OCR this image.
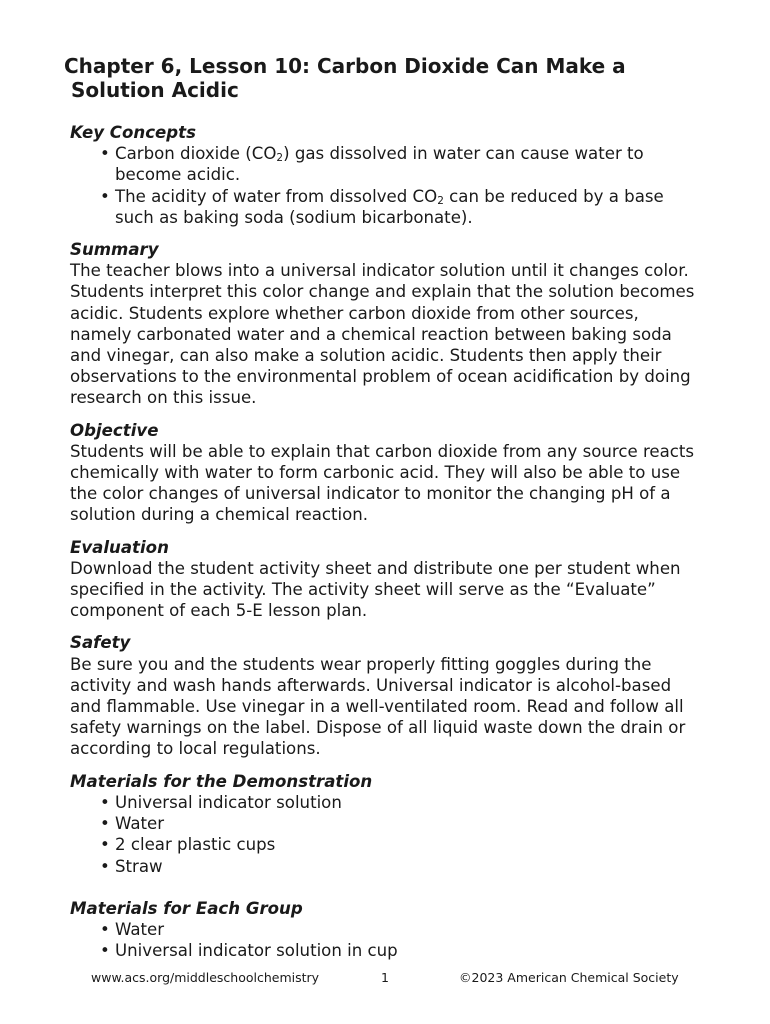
Chapter 6, Lesson 10: Carbon Dioxide Can Make a
Solution Acidic
Key Concepts
• Carbon dioxide $(CO_2)$ gas dissolved in water can cause water to become acidic.
• The acidity of water from dissolved $CO_2$ can be reduced by a base such as baking soda (sodium bicarbonate).
Summary

The teacher blows into a universal indicator solution until it changes color. Students interpret this color change and explain that the solution becomes acidic. Students explore whether carbon dioxide from other sources, namely carbonated water and a chemical reaction between baking soda and vinegar, can also make a solution acidic. Students then apply their observations to the environmental problem of ocean acidification by doing research on this issue.

Objective

Students will be able to explain that carbon dioxide from any source reacts chemically with water to form carbonic acid. They will also be able to use the color changes of universal indicator to monitor the changing pH of a solution during a chemical reaction.

Evaluation

Download the student activity sheet and distribute one per student when specified in the activity. The activity sheet will serve as the “Evaluate” component of each 5-E lesson plan.

Safety

Be sure you and the students wear properly fitting goggles during the activity and wash hands afterwards. Universal indicator is alcohol-based and flammable. Use vinegar in a well-ventilated room. Read and follow all safety warnings on the label. Dispose of all liquid waste down the drain or according to local regulations.

Materials for the Demonstration
• Universal indicator solution
• Water
• 2 clear plastic cups
• Straw
Materials for Each Group
• Water
• Universal indicator solution in cup
www.acs.org/middleschoolchemistry	1	©2023 American Chemical Society
